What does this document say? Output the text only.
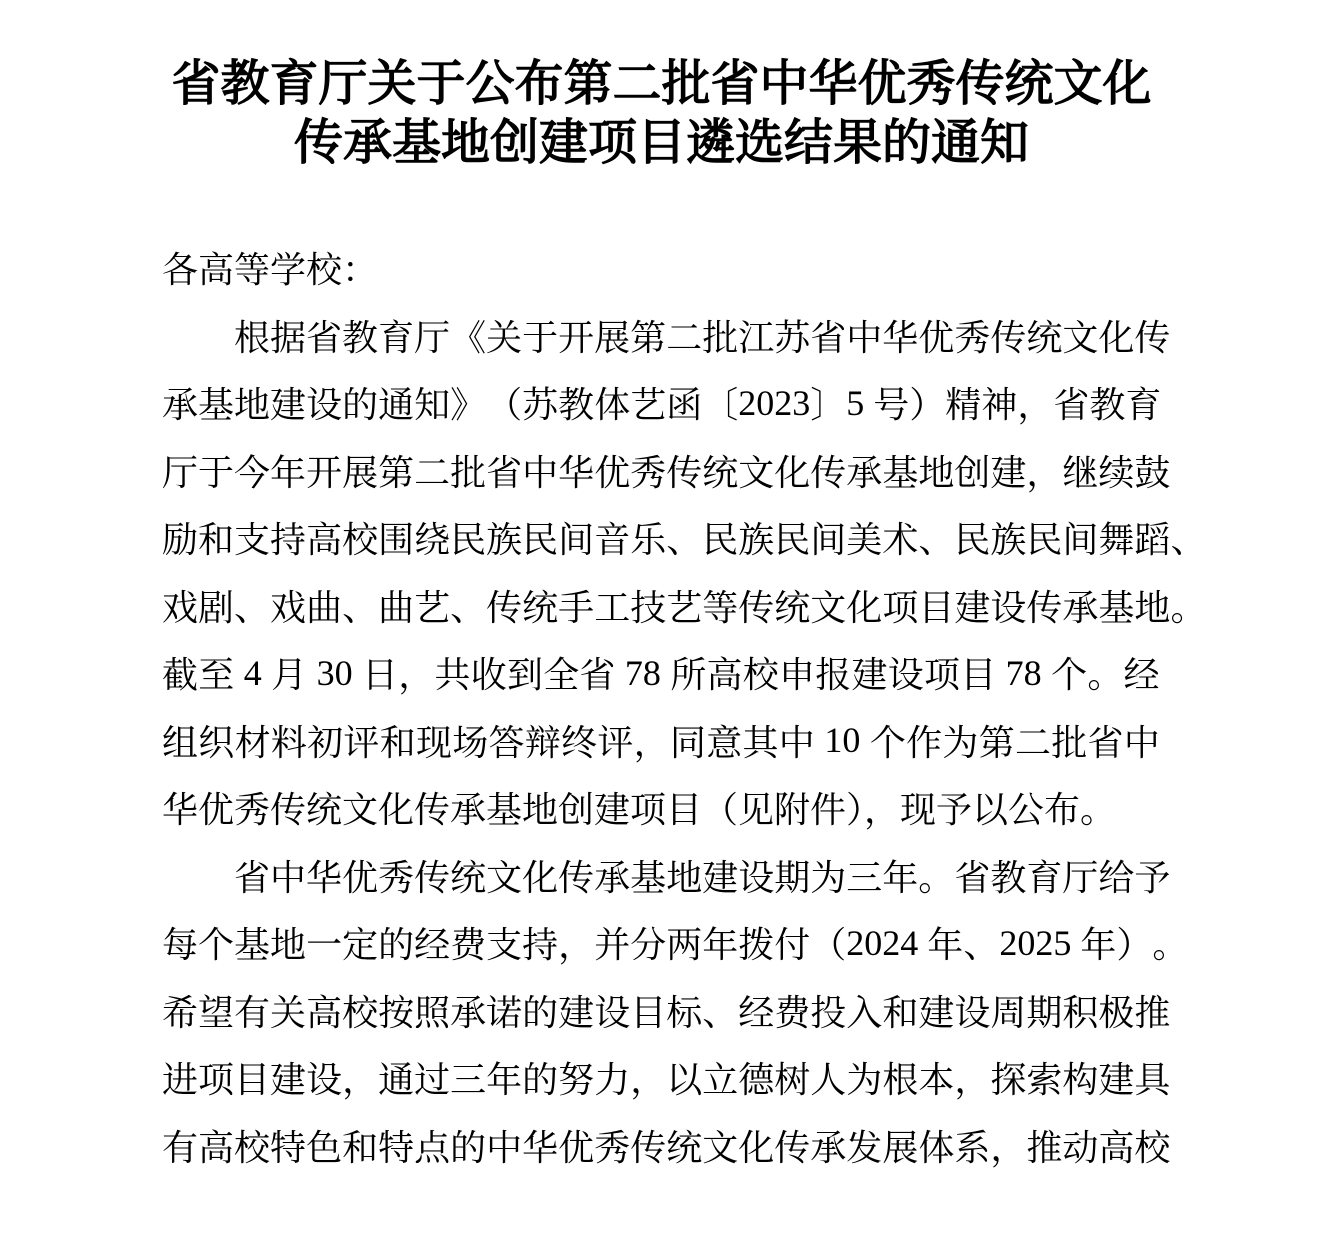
省教育厅关于公布第二批省中华优秀传统文化
传承基地创建项目遴选结果的通知
各高等学校：
根 据 省 教 育 厅 《 关 于 开 展 第 二 批 江 苏 省 中 华 优 秀 传 统 文 化 传
承 基 地 建 设 的 通 知 》 （ 苏 教 体 艺 函 〔 2023 〕 5
号 ） 精 神 ， 省 教 育
厅 于 今 年 开 展 第 二 批 省 中 华 优 秀 传 统 文 化 传 承 基 地 创 建 ， 继 续 鼓
励 和 支 持 高 校 围 绕 民 族 民 间 音 乐 、 民 族 民 间 美 术 、 民 族 民 间 舞 蹈 、
戏 剧 、 戏 曲 、 曲 艺 、 传 统 手 工 技 艺 等 传 统 文 化 项 目 建 设 传 承 基 地 。
截 至
4
月
30
日 ， 共 收 到 全 省
78
所 高 校 申 报 建 设 项 目
78
个 。 经
组 织 材 料 初 评 和 现 场 答 辩 终 评 ， 同 意 其 中
10
个 作 为 第 二 批 省 中
华优秀传统文化传承基地创建项目（见附件），现予以公布。
省 中 华 优 秀 传 统 文 化 传 承 基 地 建 设 期 为 三 年 。 省 教 育 厅 给 予
每 个 基 地 一 定 的 经 费 支 持 ， 并 分 两 年 拨 付 （ 2024
年 、 2025
年 ） 。
希 望 有 关 高 校 按 照 承 诺 的 建 设 目 标 、 经 费 投 入 和 建 设 周 期 积 极 推
进 项 目 建 设 ， 通 过 三 年 的 努 力 ， 以 立 德 树 人 为 根 本 ， 探 索 构 建 具
有 高 校 特 色 和 特 点 的 中 华 优 秀 传 统 文 化 传 承 发 展 体 系 ， 推 动 高 校
